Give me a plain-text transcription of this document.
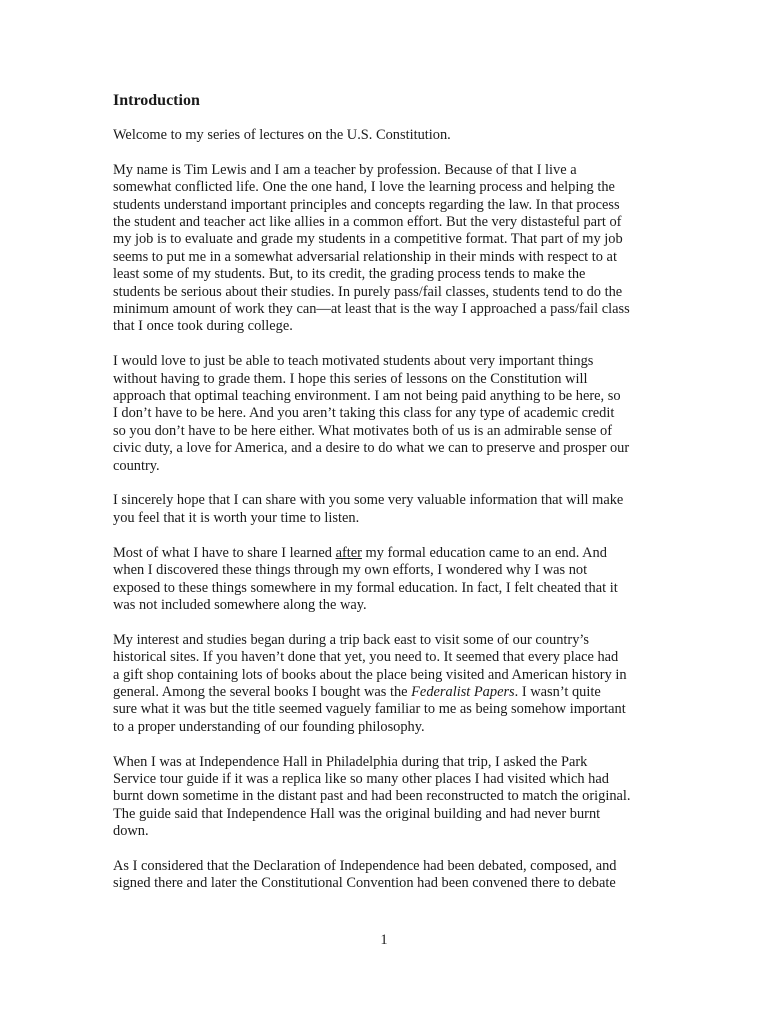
Introduction

Welcome to my series of lectures on the U.S. Constitution.

My name is Tim Lewis and I am a teacher by profession. Because of that I live a
somewhat conflicted life. One the one hand, I love the learning process and helping the
students understand important principles and concepts regarding the law. In that process
the student and teacher act like allies in a common effort. But the very distasteful part of
my job is to evaluate and grade my students in a competitive format. That part of my job
seems to put me in a somewhat adversarial relationship in their minds with respect to at
least some of my students. But, to its credit, the grading process tends to make the
students be serious about their studies. In purely pass/fail classes, students tend to do the
minimum amount of work they can—at least that is the way I approached a pass/fail class
that I once took during college.

I would love to just be able to teach motivated students about very important things
without having to grade them. I hope this series of lessons on the Constitution will
approach that optimal teaching environment. I am not being paid anything to be here, so
I don’t have to be here. And you aren’t taking this class for any type of academic credit
so you don’t have to be here either. What motivates both of us is an admirable sense of
civic duty, a love for America, and a desire to do what we can to preserve and prosper our
country.

I sincerely hope that I can share with you some very valuable information that will make
you feel that it is worth your time to listen.

Most of what I have to share I learned after my formal education came to an end. And
when I discovered these things through my own efforts, I wondered why I was not
exposed to these things somewhere in my formal education. In fact, I felt cheated that it
was not included somewhere along the way.

My interest and studies began during a trip back east to visit some of our country’s
historical sites. If you haven’t done that yet, you need to. It seemed that every place had
a gift shop containing lots of books about the place being visited and American history in
general. Among the several books I bought was the Federalist Papers. I wasn’t quite
sure what it was but the title seemed vaguely familiar to me as being somehow important
to a proper understanding of our founding philosophy.

When I was at Independence Hall in Philadelphia during that trip, I asked the Park
Service tour guide if it was a replica like so many other places I had visited which had
burnt down sometime in the distant past and had been reconstructed to match the original.
The guide said that Independence Hall was the original building and had never burnt
down.

As I considered that the Declaration of Independence had been debated, composed, and
signed there and later the Constitutional Convention had been convened there to debate

1
